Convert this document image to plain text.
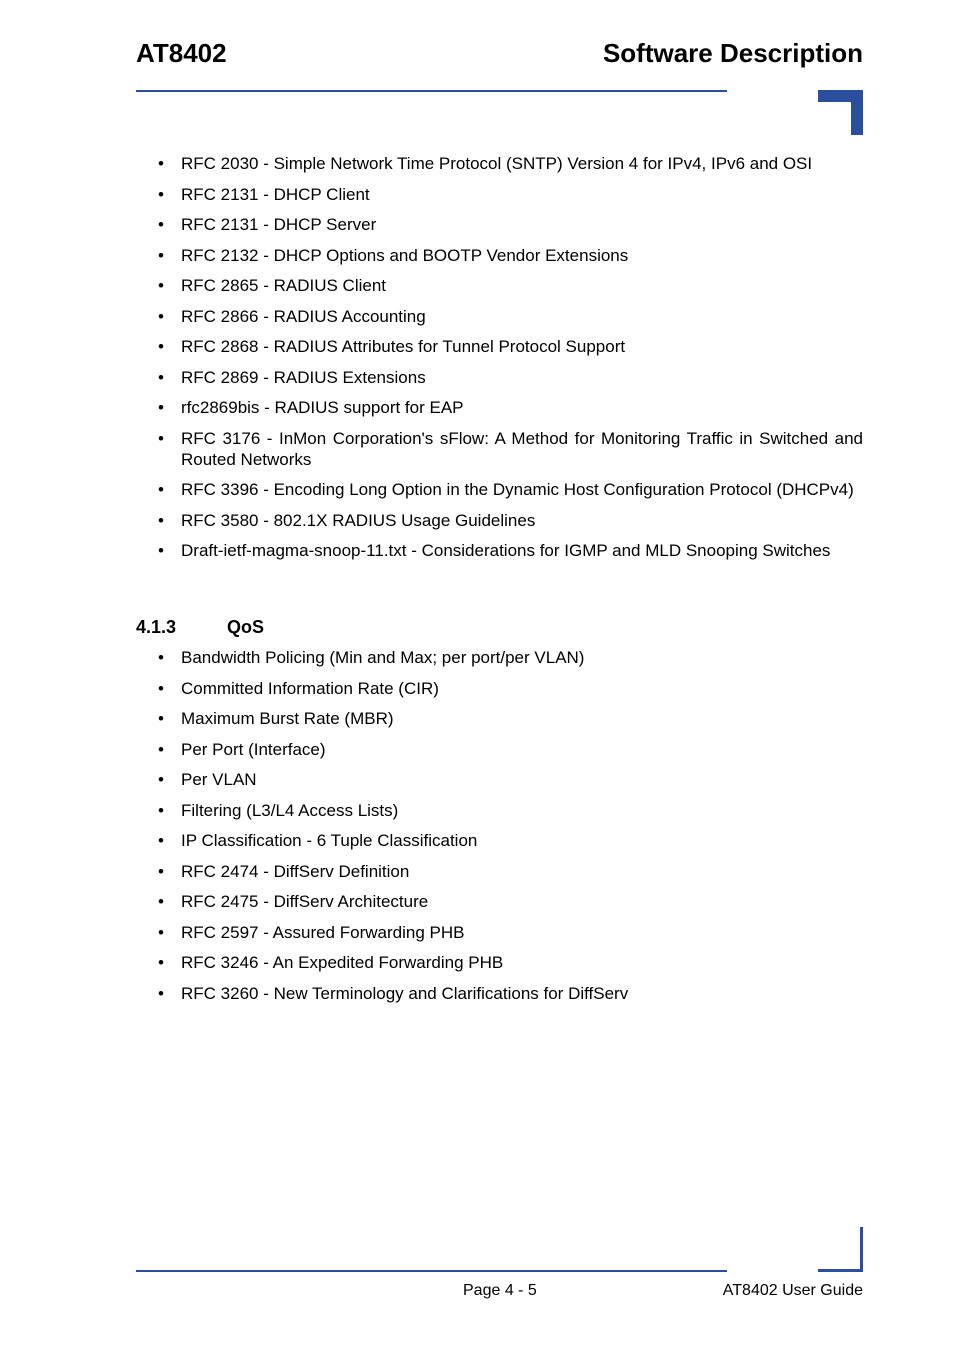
AT8402	Software Description
• RFC 2030 - Simple Network Time Protocol (SNTP) Version 4 for IPv4, IPv6 and OSI
• RFC 2131 - DHCP Client
• RFC 2131 - DHCP Server
• RFC 2132 - DHCP Options and BOOTP Vendor Extensions
• RFC 2865 - RADIUS Client
• RFC 2866 - RADIUS Accounting
• RFC 2868 - RADIUS Attributes for Tunnel Protocol Support
• RFC 2869 - RADIUS Extensions
• rfc2869bis - RADIUS support for EAP
• RFC 3176 - InMon Corporation's sFlow: A Method for Monitoring Traffic in Switched and Routed Networks
• RFC 3396 - Encoding Long Option in the Dynamic Host Configuration Protocol (DHCPv4)
• RFC 3580 - 802.1X RADIUS Usage Guidelines
• Draft-ietf-magma-snoop-11.txt - Considerations for IGMP and MLD Snooping Switches
4.1.3	QoS
• Bandwidth Policing (Min and Max; per port/per VLAN)
• Committed Information Rate (CIR)
• Maximum Burst Rate (MBR)
• Per Port (Interface)
• Per VLAN
• Filtering (L3/L4 Access Lists)
• IP Classification - 6 Tuple Classification
• RFC 2474 - DiffServ Definition
• RFC 2475 - DiffServ Architecture
• RFC 2597 - Assured Forwarding PHB
• RFC 3246 - An Expedited Forwarding PHB
• RFC 3260 - New Terminology and Clarifications for DiffServ
Page 4 - 5	AT8402 User Guide
